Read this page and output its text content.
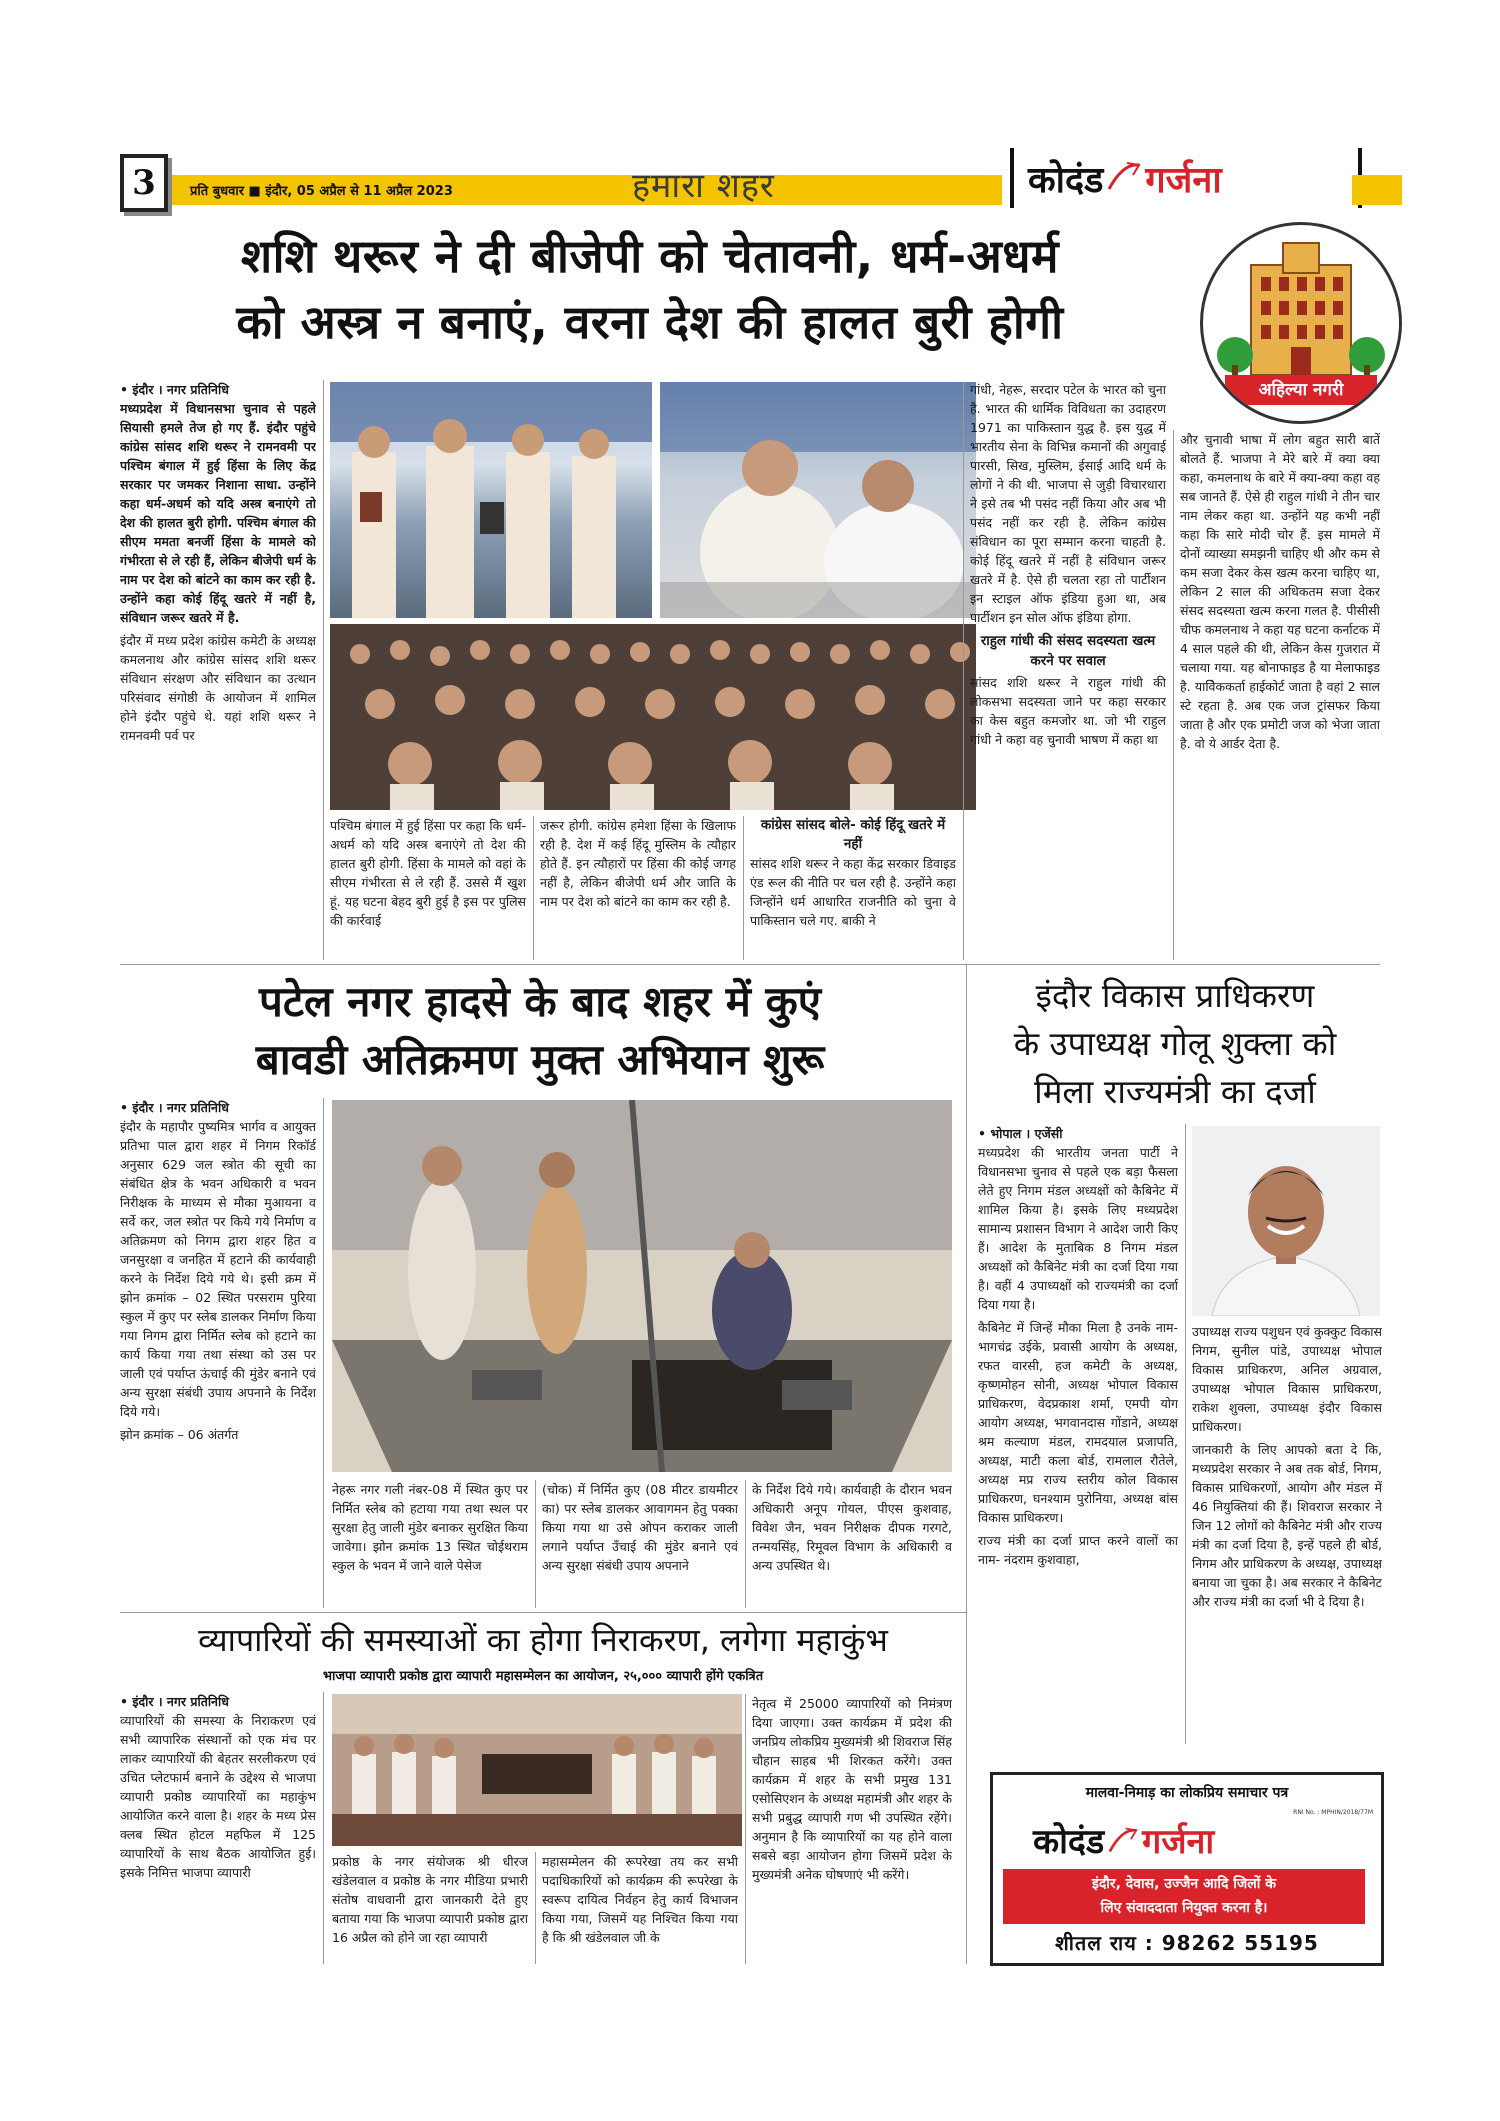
3	प्रति बुधवार ■ इंदौर, 05 अप्रैल से 11 अप्रैल 2023	हमारा शहर	कोदंड गर्जना
अहिल्या नगरी
शशि थरूर ने दी बीजेपी को चेतावनी, धर्म-अधर्म
को अस्त्र न बनाएं, वरना देश की हालत बुरी होगी
• इंदौर । नगर प्रतिनिधि

मध्यप्रदेश में विधानसभा चुनाव से पहले सियासी हमले तेज हो गए हैं. इंदौर पहुंचे कांग्रेस सांसद शशि थरूर ने रामनवमी पर पश्चिम बंगाल में हुई हिंसा के लिए केंद्र सरकार पर जमकर निशाना साधा. उन्होंने कहा धर्म-अधर्म को यदि अस्त्र बनाएंगे तो देश की हालत बुरी होगी. पश्चिम बंगाल की सीएम ममता बनर्जी हिंसा के मामले को गंभीरता से ले रही हैं, लेकिन बीजेपी धर्म के नाम पर देश को बांटने का काम कर रही है. उन्होंने कहा कोई हिंदू खतरे में नहीं है, संविधान जरूर खतरे में है.

इंदौर में मध्य प्रदेश कांग्रेस कमेटी के अध्यक्ष कमलनाथ और कांग्रेस सांसद शशि थरूर संविधान संरक्षण और संविधान का उत्थान परिसंवाद संगोष्ठी के आयोजन में शामिल होने इंदौर पहुंचे थे. यहां शशि थरूर ने रामनवमी पर्व पर

पश्चिम बंगाल में हुई हिंसा पर कहा कि धर्म-अधर्म को यदि अस्त्र बनाएंगे तो देश की हालत बुरी होगी. हिंसा के मामले को वहां के सीएम गंभीरता से ले रही हैं. उससे मैं खुश हूं. यह घटना बेहद बुरी हुई है इस पर पुलिस की कार्रवाई
जरूर होगी. कांग्रेस हमेशा हिंसा के खिलाफ रही है. देश में कई हिंदू मुस्लिम के त्यौहार होते हैं. इन त्यौहारों पर हिंसा की कोई जगह नहीं है, लेकिन बीजेपी धर्म और जाति के नाम पर देश को बांटने का काम कर रही है.
कांग्रेस सांसद बोले- कोई हिंदू खतरे में नहीं

सांसद शशि थरूर ने कहा केंद्र सरकार डिवाइड एंड रूल की नीति पर चल रही है. उन्होंने कहा जिन्होंने धर्म आधारित राजनीति को चुना वे पाकिस्तान चले गए. बाकी ने

गांधी, नेहरू, सरदार पटेल के भारत को चुना है. भारत की धार्मिक विविधता का उदाहरण 1971 का पाकिस्तान युद्ध है. इस युद्ध में भारतीय सेना के विभिन्न कमानों की अगुवाई पारसी, सिख, मुस्लिम, ईसाई आदि धर्म के लोगों ने की थी. भाजपा से जुड़ी विचारधारा ने इसे तब भी पसंद नहीं किया और अब भी पसंद नहीं कर रही है. लेकिन कांग्रेस संविधान का पूरा सम्मान करना चाहती है. कोई हिंदू खतरे में नहीं है संविधान जरूर खतरे में है. ऐसे ही चलता रहा तो पार्टीशन इन स्टाइल ऑफ इंडिया हुआ था, अब पार्टीशन इन सोल ऑफ इंडिया होगा.

राहुल गांधी की संसद सदस्यता खत्म करने पर सवाल

सांसद शशि थरूर ने राहुल गांधी की लोकसभा सदस्यता जाने पर कहा सरकार का केस बहुत कमजोर था. जो भी राहुल गांधी ने कहा वह चुनावी भाषण में कहा था

और चुनावी भाषा में लोग बहुत सारी बातें बोलते हैं. भाजपा ने मेरे बारे में क्या क्या कहा, कमलनाथ के बारे में क्या-क्या कहा वह सब जानते हैं. ऐसे ही राहुल गांधी ने तीन चार नाम लेकर कहा था. उन्होंने यह कभी नहीं कहा कि सारे मोदी चोर हैं. इस मामले में दोनों व्याख्या समझनी चाहिए थी और कम से कम सजा देकर केस खत्म करना चाहिए था, लेकिन 2 साल की अधिकतम सजा देकर संसद सदस्यता खत्म करना गलत है. पीसीसी चीफ कमलनाथ ने कहा यह घटना कर्नाटक में 4 साल पहले की थी, लेकिन केस गुजरात में चलाया गया. यह बोनाफाइड है या मेलाफाइड है. यावेिककर्ता हाईकोर्ट जाता है वहां 2 साल स्टे रहता है. अब एक जज ट्रांसफर किया जाता है और एक प्रमोटी जज को भेजा जाता है. वो ये आर्डर देता है.
पटेल नगर हादसे के बाद शहर में कुएं
बावडी अतिक्रमण मुक्त अभियान शुरू
• इंदौर । नगर प्रतिनिधि

इंदौर के महापौर पुष्यमित्र भार्गव व आयुक्त प्रतिभा पाल द्वारा शहर में निगम रिकॉर्ड अनुसार 629 जल स्त्रोत की सूची का संबंधित क्षेत्र के भवन अधिकारी व भवन निरीक्षक के माध्यम से मौका मुआयना व सर्वे कर, जल स्त्रोत पर किये गये निर्माण व अतिक्रमण को निगम द्वारा शहर हित व जनसुरक्षा व जनहित में हटाने की कार्यवाही करने के निर्देश दिये गये थे। इसी क्रम में झोन क्रमांक – 02 स्थित परसराम पुरिया स्कुल में कुए पर स्लेब डालकर निर्माण किया गया निगम द्वारा निर्मित स्लेब को हटाने का कार्य किया गया तथा संस्था को उस पर जाली एवं पर्याप्त ऊंचाई की मुंडेर बनाने एवं अन्य सुरक्षा संबंधी उपाय अपनाने के निर्देश दिये गये।

झोन क्रमांक – 06 अंतर्गत

नेहरू नगर गली नंबर-08 में स्थित कुए पर निर्मित स्लेब को हटाया गया तथा स्थल पर सुरक्षा हेतु जाली मुंडेर बनाकर सुरक्षित किया जावेगा। झोन क्रमांक 13 स्थित चोईथराम स्कुल के भवन में जाने वाले पेसेज
(चोक) में निर्मित कुए (08 मीटर डायमीटर का) पर स्लेब डालकर आवागमन हेतु पक्का किया गया था उसे ओपन कराकर जाली लगाने पर्याप्त उँचाई की मुंडेर बनाने एवं अन्य सुरक्षा संबंधी उपाय अपनाने
के निर्देश दिये गये। कार्यवाही के दौरान भवन अधिकारी अनूप गोयल, पीएस कुशवाह, विवेश जैन, भवन निरीक्षक दीपक गरगटे, तन्मयसिंह, रिमूवल विभाग के अधिकारी व अन्य उपस्थित थे।
इंदौर विकास प्राधिकरण
के उपाध्यक्ष गोलू शुक्ला को
मिला राज्यमंत्री का दर्जा
• भोपाल । एजेंसी

मध्यप्रदेश की भारतीय जनता पार्टी ने विधानसभा चुनाव से पहले एक बड़ा फैसला लेते हुए निगम मंडल अध्यक्षों को कैबिनेट में शामिल किया है। इसके लिए मध्यप्रदेश सामान्य प्रशासन विभाग ने आदेश जारी किए हैं। आदेश के मुताबिक 8 निगम मंडल अध्यक्षों को कैबिनेट मंत्री का दर्जा दिया गया है। वहीं 4 उपाध्यक्षों को राज्यमंत्री का दर्जा दिया गया है।

कैबिनेट में जिन्हें मौका मिला है उनके नाम- भागचंद्र उईके, प्रवासी आयोग के अध्यक्ष, रफत वारसी, हज कमेटी के अध्यक्ष, कृष्णमोहन सोनी, अध्यक्ष भोपाल विकास प्राधिकरण, वेदप्रकाश शर्मा, एमपी योग आयोग अध्यक्ष, भगवानदास गोंडाने, अध्यक्ष श्रम कल्याण मंडल, रामदयाल प्रजापति, अध्यक्ष, माटी कला बोर्ड, रामलाल रौतेले, अध्यक्ष मप्र राज्य स्तरीय कोल विकास प्राधिकरण, घनश्याम पुरोनिया, अध्यक्ष बांस विकास प्राधिकरण।

राज्य मंत्री का दर्जा प्राप्त करने वालों का नाम- नंदराम कुशवाहा,

उपाध्यक्ष राज्य पशुधन एवं कुक्कुट विकास निगम, सुनील पांडे, उपाध्यक्ष भोपाल विकास प्राधिकरण, अनिल अग्रवाल, उपाध्यक्ष भोपाल विकास प्राधिकरण, राकेश शुक्ला, उपाध्यक्ष इंदौर विकास प्राधिकरण।

जानकारी के लिए आपको बता दे कि, मध्यप्रदेश सरकार ने अब तक बोर्ड, निगम, विकास प्राधिकरणों, आयोग और मंडल में 46 नियुक्तियां की हैं। शिवराज सरकार ने जिन 12 लोगों को कैबिनेट मंत्री और राज्य मंत्री का दर्जा दिया है, इन्हें पहले ही बोर्ड, निगम और प्राधिकरण के अध्यक्ष, उपाध्यक्ष बनाया जा चुका है। अब सरकार ने कैबिनेट और राज्य मंत्री का दर्जा भी दे दिया है।

व्यापारियों की समस्याओं का होगा निराकरण, लगेगा महाकुंभ
भाजपा व्यापारी प्रकोष्ठ द्वारा व्यापारी महासम्मेलन का आयोजन, २५,००० व्यापारी होंगे एकत्रित
• इंदौर । नगर प्रतिनिधि

व्यापारियों की समस्या के निराकरण एवं सभी व्यापारिक संस्थानों को एक मंच पर लाकर व्यापारियों की बेहतर सरलीकरण एवं उचित प्लेटफार्म बनाने के उद्देश्य से भाजपा व्यापारी प्रकोष्ठ व्यापारियों का महाकुंभ आयोजित करने वाला है। शहर के मध्य प्रेस क्लब स्थित होटल महफिल में 125 व्यापारियों के साथ बैठक आयोजित हुई। इसके निमित्त भाजपा व्यापारी

प्रकोष्ठ के नगर संयोजक श्री धीरज खंडेलवाल व प्रकोष्ठ के नगर मीडिया प्रभारी संतोष वाधवानी द्वारा जानकारी देते हुए बताया गया कि भाजपा व्यापारी प्रकोष्ठ द्वारा 16 अप्रैल को होने जा रहा व्यापारी
महासम्मेलन की रूपरेखा तय कर सभी पदाधिकारियों को कार्यक्रम की रूपरेखा के स्वरूप दायित्व निर्वहन हेतु कार्य विभाजन किया गया, जिसमें यह निश्चित किया गया है कि श्री खंडेलवाल जी के
नेतृत्व में 25000 व्यापारियों को निमंत्रण दिया जाएगा। उक्त कार्यक्रम में प्रदेश की जनप्रिय लोकप्रिय मुख्यमंत्री श्री शिवराज सिंह चौहान साहब भी शिरकत करेंगे। उक्त कार्यक्रम में शहर के सभी प्रमुख 131 एसोसिएशन के अध्यक्ष महामंत्री और शहर के सभी प्रबुद्ध व्यापारी गण भी उपस्थित रहेंगे। अनुमान है कि व्यापारियों का यह होने वाला सबसे बड़ा आयोजन होगा जिसमें प्रदेश के मुख्यमंत्री अनेक घोषणाएं भी करेंगे।
मालवा-निमाड़ का लोकप्रिय समाचार पत्र
RNI No. : MPHIN/2018/77M
कोदंड गर्जना
इंदौर, देवास, उज्जैन आदि जिलों के
लिए संवाददाता नियुक्त करना है।
शीतल राय : 98262 55195
